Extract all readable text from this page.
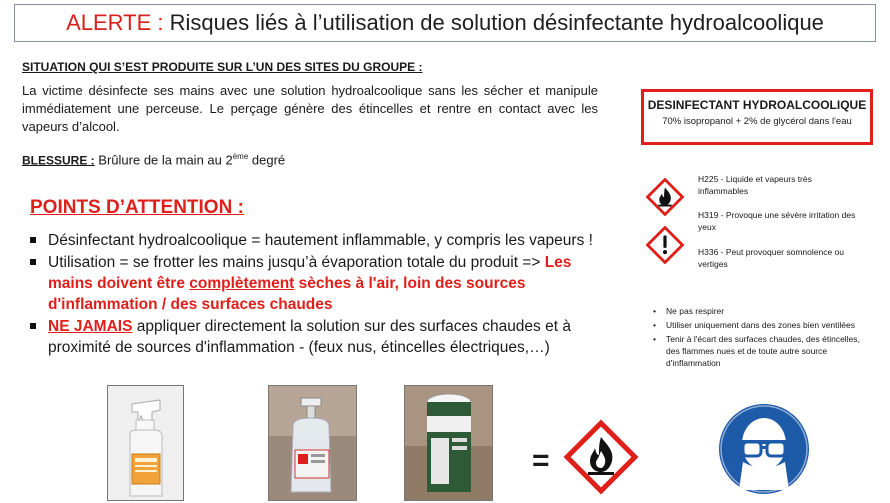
ALERTE :
Risques liés à l’utilisation de solution désinfectante hydroalcoolique
SITUATION QUI S’EST PRODUITE SUR L’UN DES SITES DU GROUPE :
La victime désinfecte ses mains avec une solution hydroalcoolique sans les sécher et manipule immédiatement une perceuse. Le perçage génère des étincelles et rentre en contact avec les vapeurs d’alcool.
BLESSURE : Brûlure de la main au 2ème degré
POINTS D’ATTENTION :
Désinfectant hydroalcoolique = hautement inflammable, y compris les vapeurs !
Utilisation = se frotter les mains jusqu’à évaporation totale du produit => Les mains doivent être complètement sèches à l'air, loin des sources d'inflammation / des surfaces chaudes
NE JAMAIS appliquer directement la solution sur des surfaces chaudes et à proximité de sources d'inflammation - (feux nus, étincelles électriques,…)
DESINFECTANT HYDROALCOOLIQUE
70% isopropanol + 2% de glycérol dans l'eau
H225 - Liquide et vapeurs très inflammables
H319 - Provoque une sévère irritation des yeux
H336 - Peut provoquer somnolence ou vertiges
• Ne pas respirer
• Utiliser uniquement dans des zones bien ventilées
• Tenir à l'écart des surfaces chaudes, des étincelles, des flammes nues et de toute autre source d'inflammation
=
